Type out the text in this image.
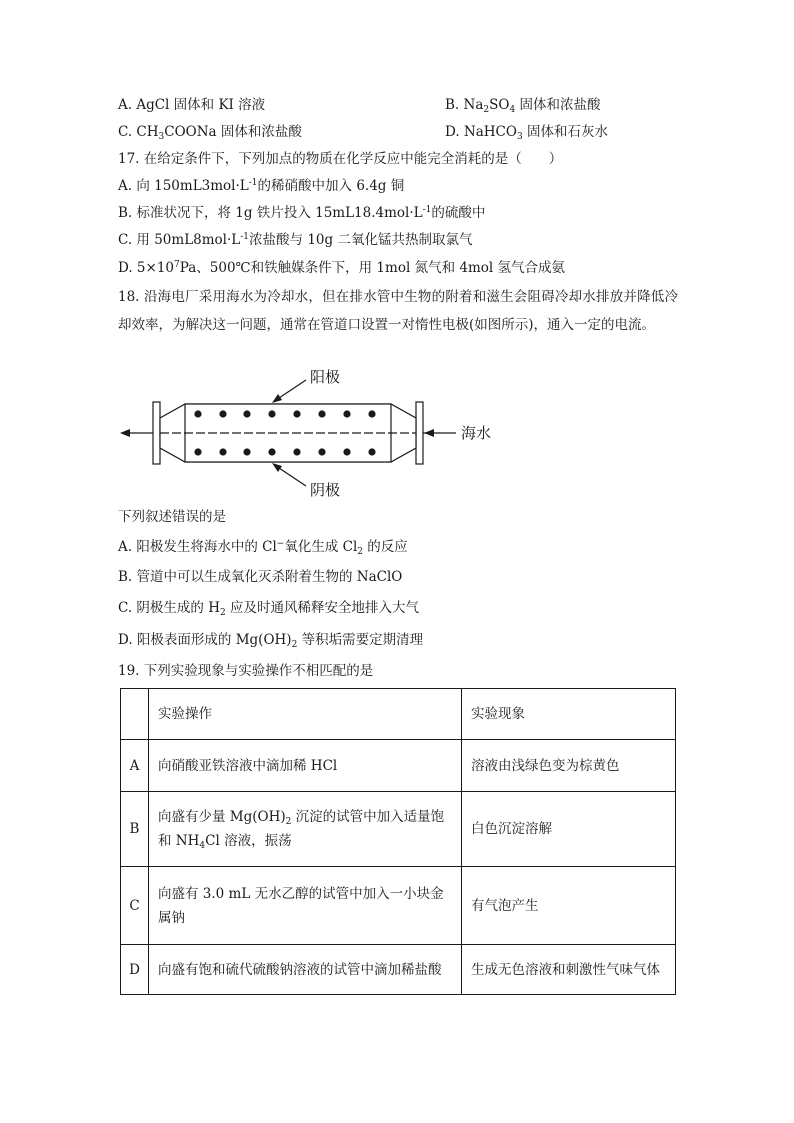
A. AgCl 固体和 KI 溶液	B. $Na_2SO_4$ 固体和浓盐酸
C. $CH_3COONa$ 固体和浓盐酸	D. NaHCO$_3$ 固体和石灰水
17. 在给定条件下，下列加点的物质在化学反应中能完全消耗的是（　　）
A. 向 $150mL3mol\cdot L^{-1}$的稀硝酸中加入 6.4g 铜
B. 标准状况下，将 1g 铁片投入 $15mL18.4mol\cdot L^{-1}$的硫酸中
C. 用 $50mL8mol\cdot L^{-1}$浓盐酸与 10g 二氧化锰共热制取氯气
D. $5\times 10^7Pa$、500℃和铁触媒条件下，用 1mol 氮气和 4mol 氢气合成氨
18. 沿海电厂采用海水为冷却水，但在排水管中生物的附着和滋生会阻碍冷却水排放并降低冷却效率，为解决这一问题，通常在管道口设置一对惰性电极(如图所示)，通入一定的电流。
阳极
阴极
海水
下列叙述错误的是
A. 阳极发生将海水中的 Cl−氧化生成 $Cl_2$ 的反应
B. 管道中可以生成氧化灭杀附着生物的 NaClO
C. 阴极生成的 $H_2$ 应及时通风稀释安全地排入大气
D. 阳极表面形成的 $Mg(OH)_2$ 等积垢需要定期清理
19. 下列实验现象与实验操作不相匹配的是
	实验操作	实验现象
A	向硝酸亚铁溶液中滴加稀 HCl	溶液由浅绿色变为棕黄色
B	向盛有少量 $Mg(OH)_2$ 沉淀的试管中加入适量饱和 $NH_4Cl$ 溶液，振荡	白色沉淀溶解
C	向盛有 3.0 mL 无水乙醇的试管中加入一小块金属钠	有气泡产生
D	向盛有饱和硫代硫酸钠溶液的试管中滴加稀盐酸	生成无色溶液和刺激性气味气体
